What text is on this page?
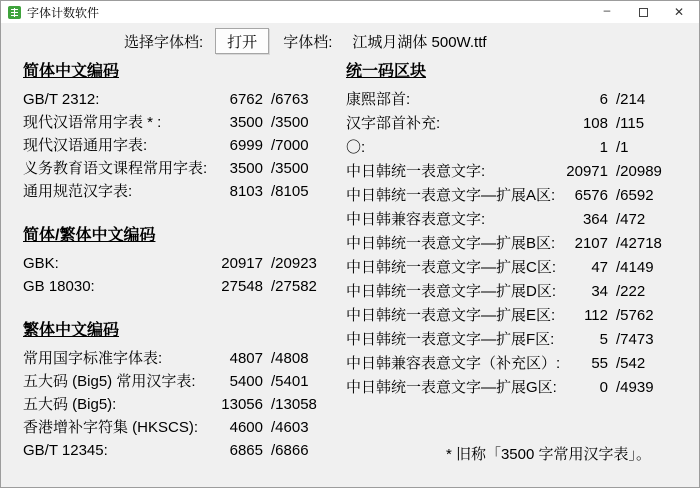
字体计数软件	–	✕
选择字体档:	打开	字体档: 江城月湖体 500W.ttf
简体中文编码
GB/T 2312:	6762 /6763
现代汉语常用字表 * :	3500 /3500
现代汉语通用字表:	6999 /7000
义务教育语文课程常用字表:	3500 /3500
通用规范汉字表:	8103 /8105
简体/繁体中文编码
GBK:	20917 /20923
GB 18030:	27548 /27582
繁体中文编码
常用国字标准字体表:	4807 /4808
五大码 (Big5) 常用汉字表:	5400 /5401
五大码 (Big5):	13056 /13058
香港增补字符集 (HKSCS):	4600 /4603
GB/T 12345:	6865 /6866
统一码区块
康熙部首:	6 /214
汉字部首补充:	108 /115
〇:	1 /1
中日韩统一表意文字:	20971 /20989
中日韩统一表意文字—扩展A区:	6576 /6592
中日韩兼容表意文字:	364 /472
中日韩统一表意文字—扩展B区:	2107 /42718
中日韩统一表意文字—扩展C区:	47 /4149
中日韩统一表意文字—扩展D区:	34 /222
中日韩统一表意文字—扩展E区:	112 /5762
中日韩统一表意文字—扩展F区:	5 /7473
中日韩兼容表意文字（补充区）:	55 /542
中日韩统一表意文字—扩展G区:	0 /4939
* 旧称「3500 字常用汉字表」。
